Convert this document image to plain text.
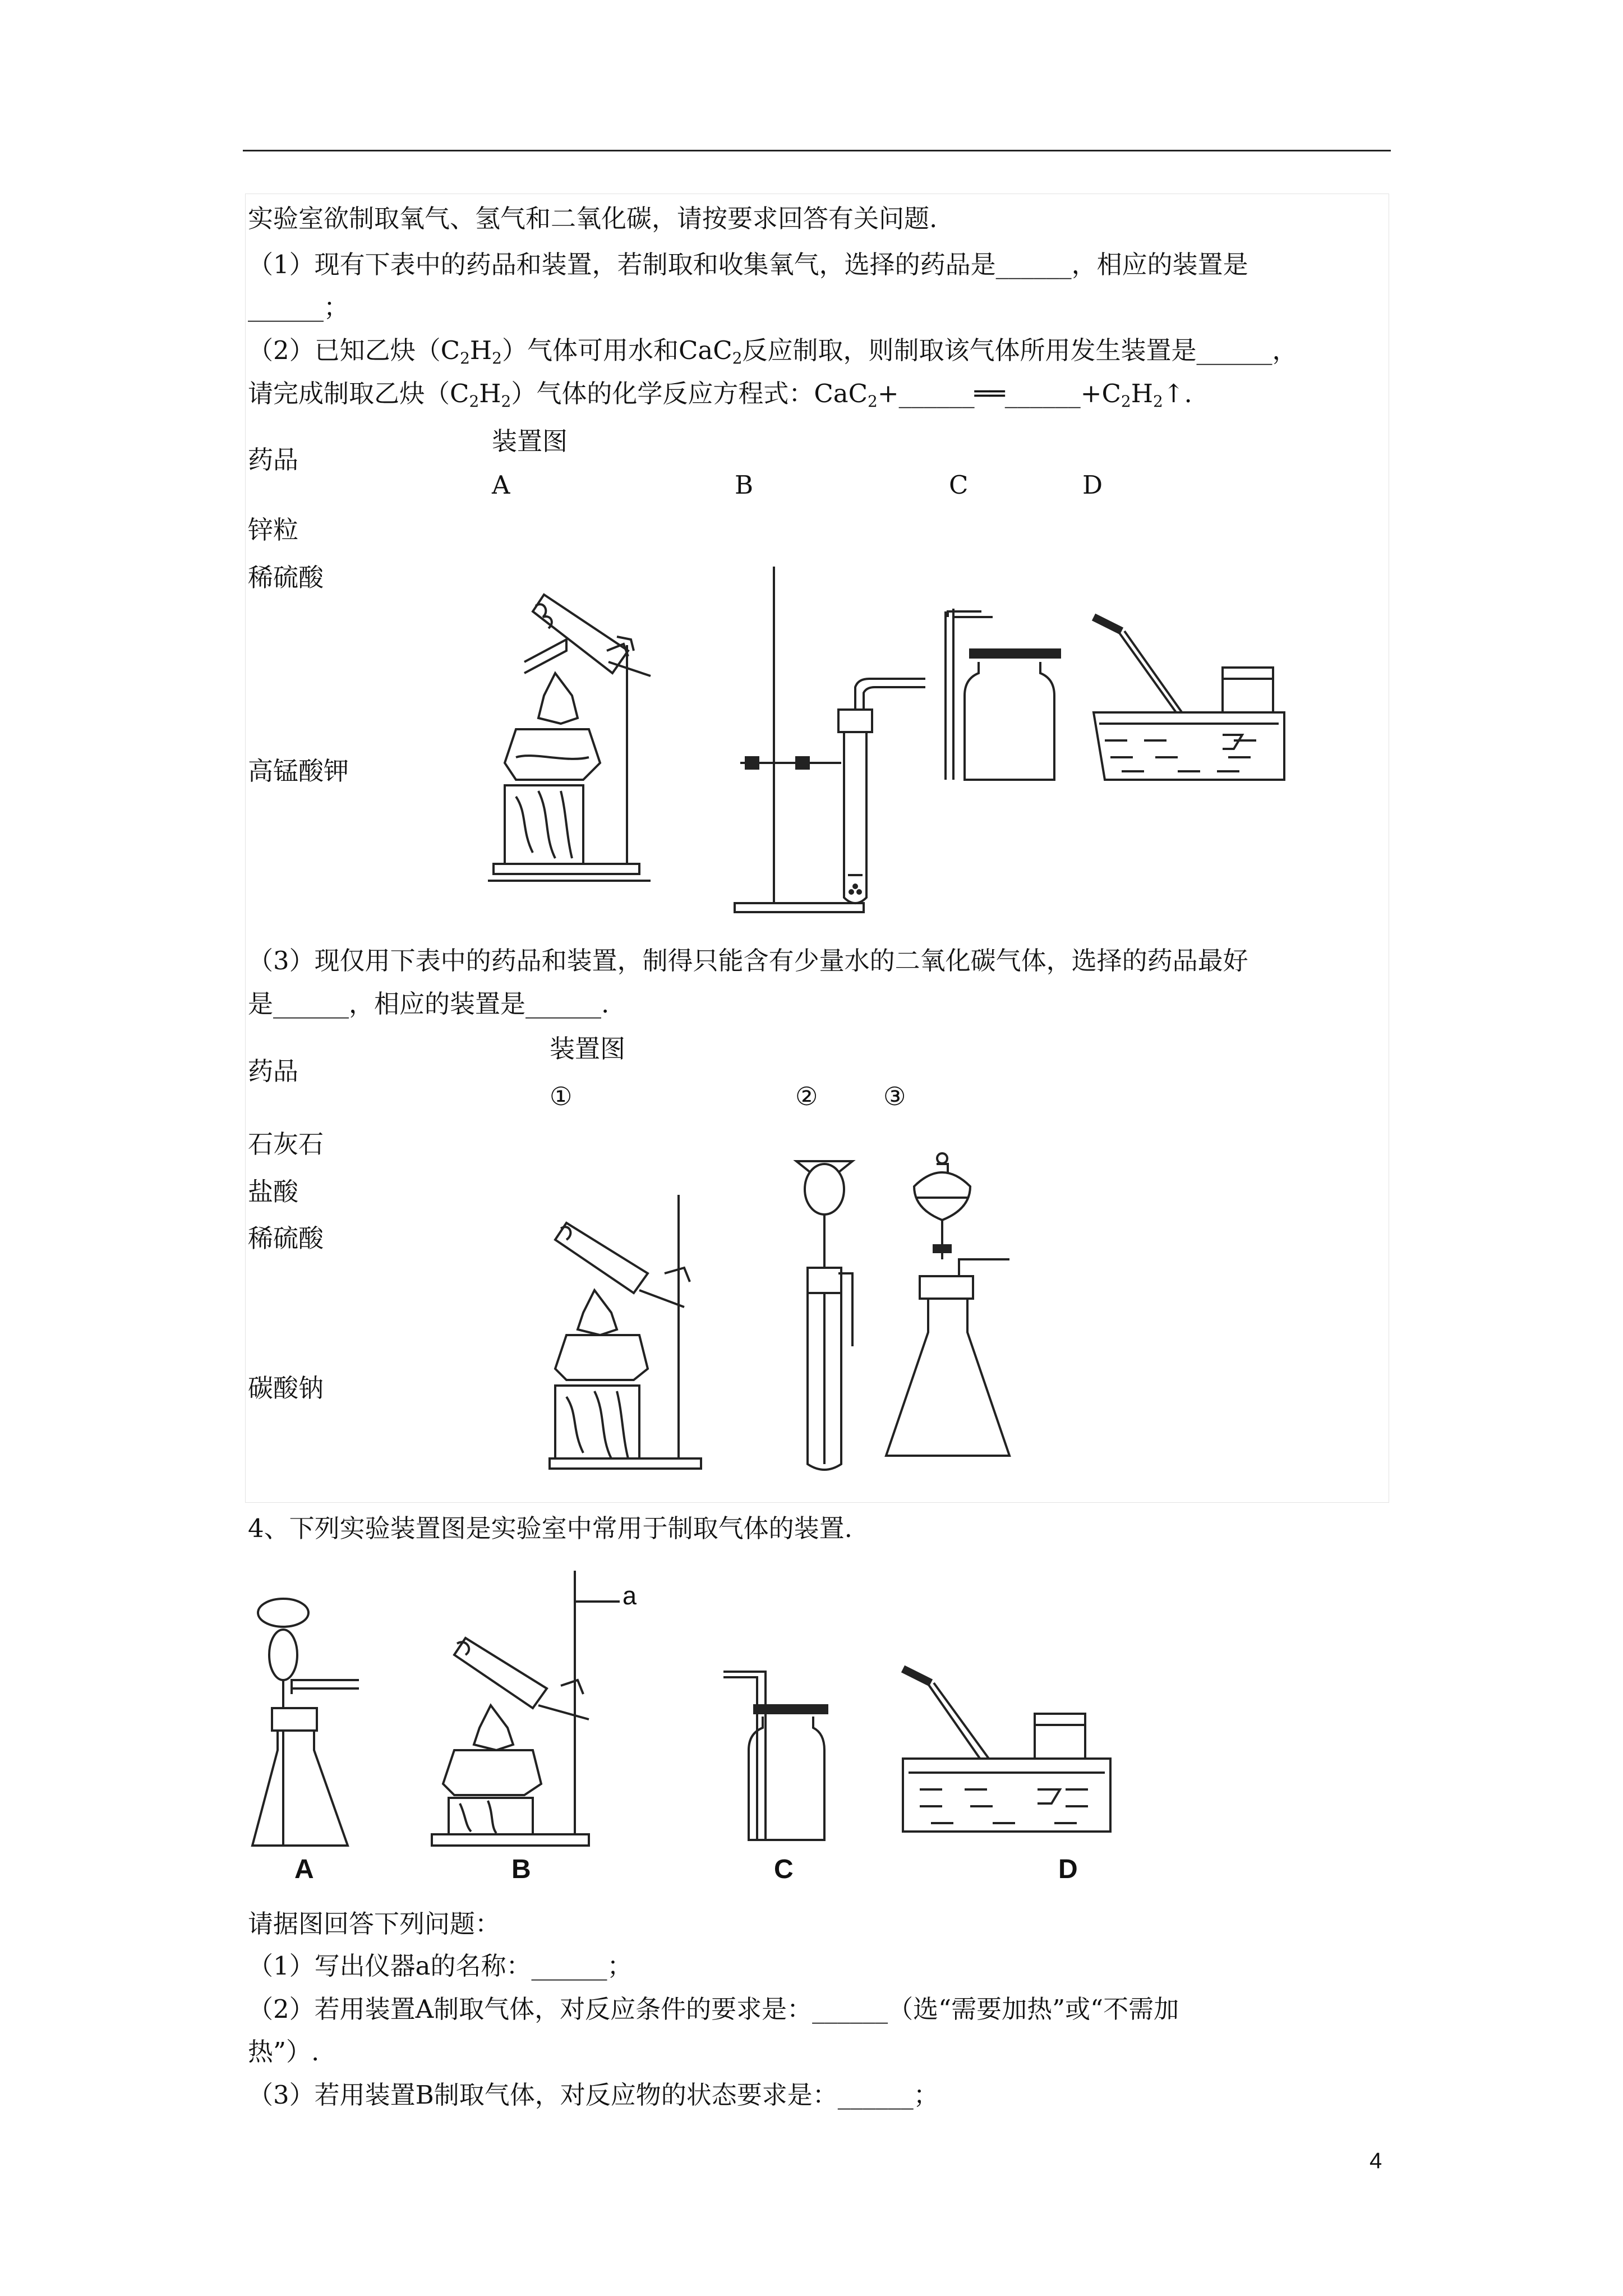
实验室欲制取氧气、氢气和二氧化碳，请按要求回答有关问题.
（1）现有下表中的药品和装置，若制取和收集氧气，选择的药品是______，相应的装置是
______；
（2）已知乙炔$(C_2H_2)$气体可用水和CaC$_2$反应制取，则制取该气体所用发生装置是______，
请完成制取乙炔$(C_2H_2)$气体的化学反应方程式：$CaC_2+\_\_\_\_\_\_══\_\_\_\_\_\_+C_2H_2↑$.
装置图
药品
A	B	C	D
锌粒
稀硫酸
高锰酸钾
（3）现仅用下表中的药品和装置，制得只能含有少量水的二氧化碳气体，选择的药品最好
是______，相应的装置是______.
装置图
药品
①	②	③
石灰石
盐酸
稀硫酸
碳酸钠
4、下列实验装置图是实验室中常用于制取气体的装置.
A
a
B	C	D
请据图回答下列问题：
（1）写出仪器a的名称：______；
（2）若用装置A制取气体，对反应条件的要求是：______（选“需要加热”或“不需加
热”）.
（3）若用装置B制取气体，对反应物的状态要求是：______；
4
